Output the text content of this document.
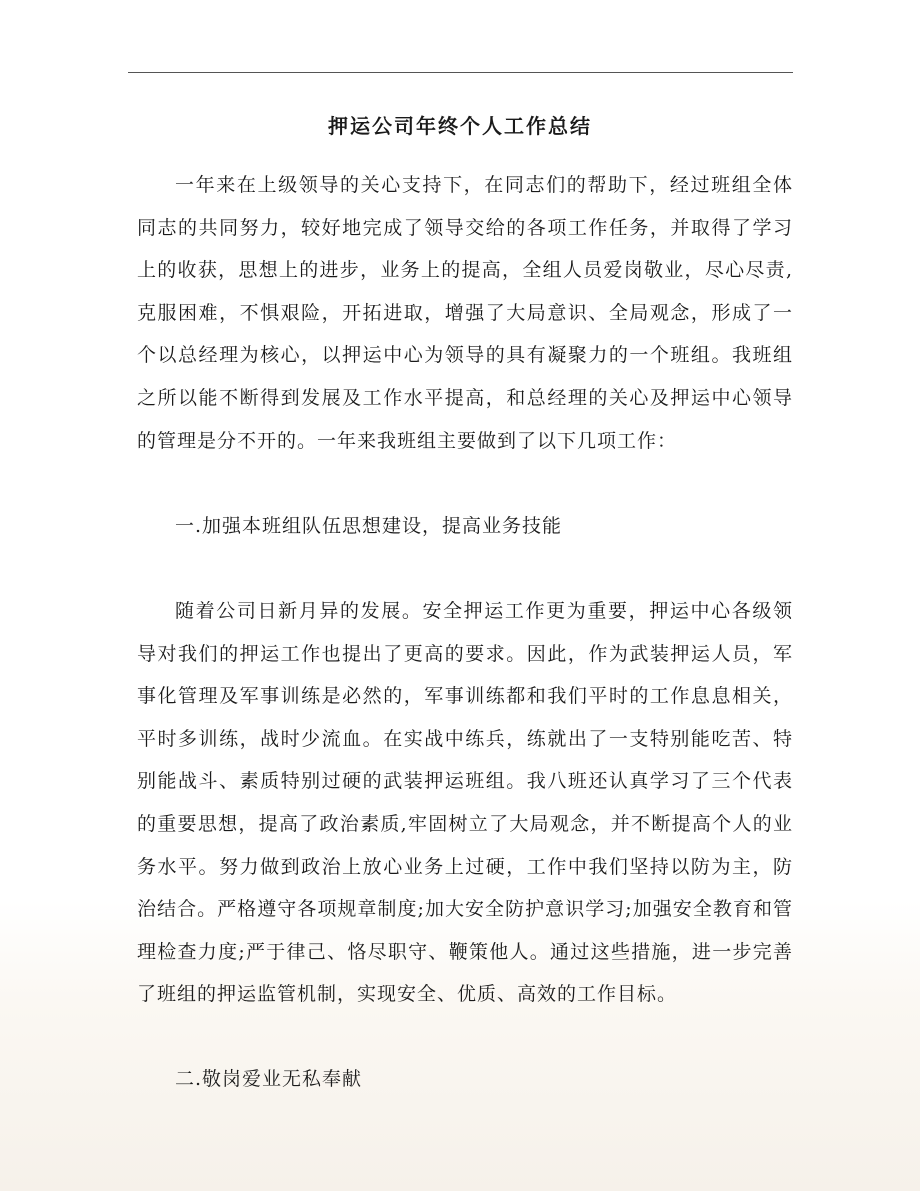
押运公司年终个人工作总结

一年来在上级领导的关心支持下，在同志们的帮助下，经过班组全体同志的共同努力，较好地完成了领导交给的各项工作任务，并取得了学习上的收获，思想上的进步，业务上的提高，全组人员爱岗敬业，尽心尽责,克服困难，不惧艰险，开拓进取，增强了大局意识、全局观念，形成了一个以总经理为核心，以押运中心为领导的具有凝聚力的一个班组。我班组之所以能不断得到发展及工作水平提高，和总经理的关心及押运中心领导的管理是分不开的。一年来我班组主要做到了以下几项工作：

一.加强本班组队伍思想建设，提高业务技能

随着公司日新月异的发展。安全押运工作更为重要，押运中心各级领导对我们的押运工作也提出了更高的要求。因此，作为武装押运人员，军事化管理及军事训练是必然的，军事训练都和我们平时的工作息息相关，平时多训练，战时少流血。在实战中练兵，练就出了一支特别能吃苦、特别能战斗、素质特别过硬的武装押运班组。我八班还认真学习了三个代表的重要思想，提高了政治素质,牢固树立了大局观念，并不断提高个人的业务水平。努力做到政治上放心业务上过硬，工作中我们坚持以防为主，防治结合。严格遵守各项规章制度;加大安全防护意识学习;加强安全教育和管理检查力度;严于律己、恪尽职守、鞭策他人。通过这些措施，进一步完善了班组的押运监管机制，实现安全、优质、高效的工作目标。

二.敬岗爱业无私奉献
